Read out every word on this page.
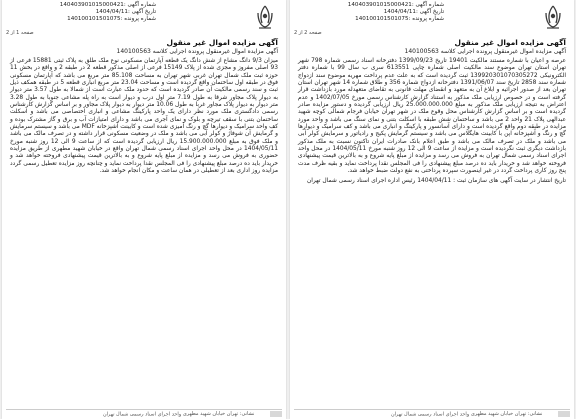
شماره آگهی :140403901015000421
تاریخ آگهی :1404/04/11
شماره پرونده :140100101501075
صفحه 1 از 2
آگهی مزایده اموال غیر منقول
آگهی مزایده اموال غیرمنقول پرونده اجرایی کلاسه 140100563
میزان 9/3 دانگ مشاع از شش دانگ یک قطعه آپارتمان مسکونی نوع ملک طلق به پلاک ثبتی 15881 فرعی از 93 اصلی مفروز و مجزی شده از پلاک 15149 فرعی از اصلی مذکور قطعه 2 در طبقه 2 و واقع در بخش 11 حوزه ثبت ملک شمال تهران غربی شهر تهران به مساحت 85.108 متر مربع می باشد که آپارتمان مسکونی فوق در طبقه اول ساختمان واقع گردیده است و مساحت 23.04 متر مربع انباری قطعه 5 در طبقه همکف ذیل ثبت و سند رسمی مالکیت آن صادر گردیده است که حدود ملک عبارت است از شمالا به طول 3.57 متر دیوار به دیوار پلاک مجاور شرقا به طول 7.19 متر اول درب و دیوار است به راه پله مشاعی جنوبا به طول 3.28 متر دیوار به دیوار پلاک مجاور غربا به طول 10.06 متر دیوار به دیوار پلاک مجاور و بر اساس گزارش کارشناس رسمی دادگستری ملک مورد نظر دارای یک واحد پارکینگ مشاعی و انباری اختصاصی می باشد و اسکلت ساختمان بتنی با سقف تیرچه و بلوک و نمای آجری می باشد و دارای امتیازات آب و برق و گاز مشترک بوده و کف واحد سرامیک و دیوارها گچ و رنگ آمیزی شده است و کابینت آشپزخانه MDF می باشد و سیستم سرمایش و گرمایش آن شوفاژ و کولر آبی می باشد و ملک در وضعیت مسکونی قرار داشته و در تصرف مالک می باشد و ملک فوق به مبلغ 15.900.000.000 ریال ارزیابی گردیده است که از ساعت 9 الی 12 روز شنبه مورخ 1404/05/11 در محل واحد اجرای اسناد رسمی شمال تهران واقع در خیابان شهید مطهری از طریق مزایده حضوری به فروش می رسد و مزایده از مبلغ پایه شروع و به بالاترین قیمت پیشنهادی فروخته خواهد شد و خریدار باید ده درصد مبلغ پیشنهادی را فی المجلس نقدا پرداخت نماید و چنانچه روز مزایده تعطیل رسمی گردد مزایده روز اداری بعد از تعطیلی در همان ساعت و مکان انجام خواهد شد.
نشانی: تهران خیابان شهید مطهری واحد اجرای اسناد رسمی شمال تهران
شماره آگهی :140403901015000421
تاریخ آگهی :1404/04/11
شماره پرونده :140100101501075
صفحه 2 از 2
آگهی مزایده اموال غیر منقول
آگهی مزایده اموال غیرمنقول پرونده اجرایی کلاسه 140100563
عرصه و اعیان با شماره مستند مالکیت 19401 تاریخ 1399/09/23 دفترخانه اسناد رسمی شماره 798 شهر تهران استان تهران موضوع سند مالکیت اصلی شماره چاپی 613551 سری ب سال 99 با شماره دفتر الکترونیکی 139920301070305272 ثبت گردیده است که به علت عدم پرداخت مهریه موضوع سند ازدواج شماره سند 2858 تاریخ سند 1391/06/07 دفترخانه ازدواج شماره 356 و طلاق شماره 14 شهر تهران استان تهران بعد از صدور اجرائیه و ابلاغ آن به متعهد و انقضای مهلت قانونی به تقاضای متعهدله مورد بازداشت قرار گرفته است و در خصوص ارزیابی ملک مذکور به استناد گزارش کارشناس رسمی مورخ 1402/07/05 و عدم اعتراض به نتیجه ارزیابی ملک مذکور به مبلغ 25.000.000.000 ریال ارزیابی گردیده و دستور مزایده صادر گردیده است و بر اساس گزارش کارشناس محل وقوع ملک در شهر تهران خیابان فرجام شمالی کوچه شهید عبدالهی پلاک 21 واحد 2 می باشد و ساختمان شش طبقه با اسکلت بتنی و نمای سنگ می باشد و واحد مورد مزایده در طبقه دوم واقع گردیده است و دارای آسانسور و پارکینگ و انباری می باشد و کف سرامیک و دیوارها گچ و رنگ و آشپزخانه اپن با کابینت هایگلاس می باشد و سیستم گرمایش پکیج و رادیاتور و سرمایش کولر آبی می باشد و ملک در تصرف مالک می باشد و طبق اعلام بانک صادرات ایران تاکنون نسبت به ملک مذکور بازداشت دیگری ثبت نگردیده است و مزایده از ساعت 9 الی 12 روز شنبه مورخ 1404/05/11 در محل واحد اجرای اسناد رسمی شمال تهران به فروش می رسد و مزایده از مبلغ پایه شروع و به بالاترین قیمت پیشنهادی فروخته خواهد شد و خریدار باید ده درصد مبلغ پیشنهادی را فی المجلس نقدا پرداخت نماید و بقیه ظرف مدت پنج روز کاری پرداخت گردد در غیر اینصورت سپرده پرداختی به نفع دولت ضبط خواهد شد.
تاریخ انتشار در سایت آگهی های سازمان ثبت : 1404/04/11 رئیس اداره اجرای اسناد رسمی شمال تهران
نشانی: تهران خیابان شهید مطهری واحد اجرای اسناد رسمی شمال تهران
